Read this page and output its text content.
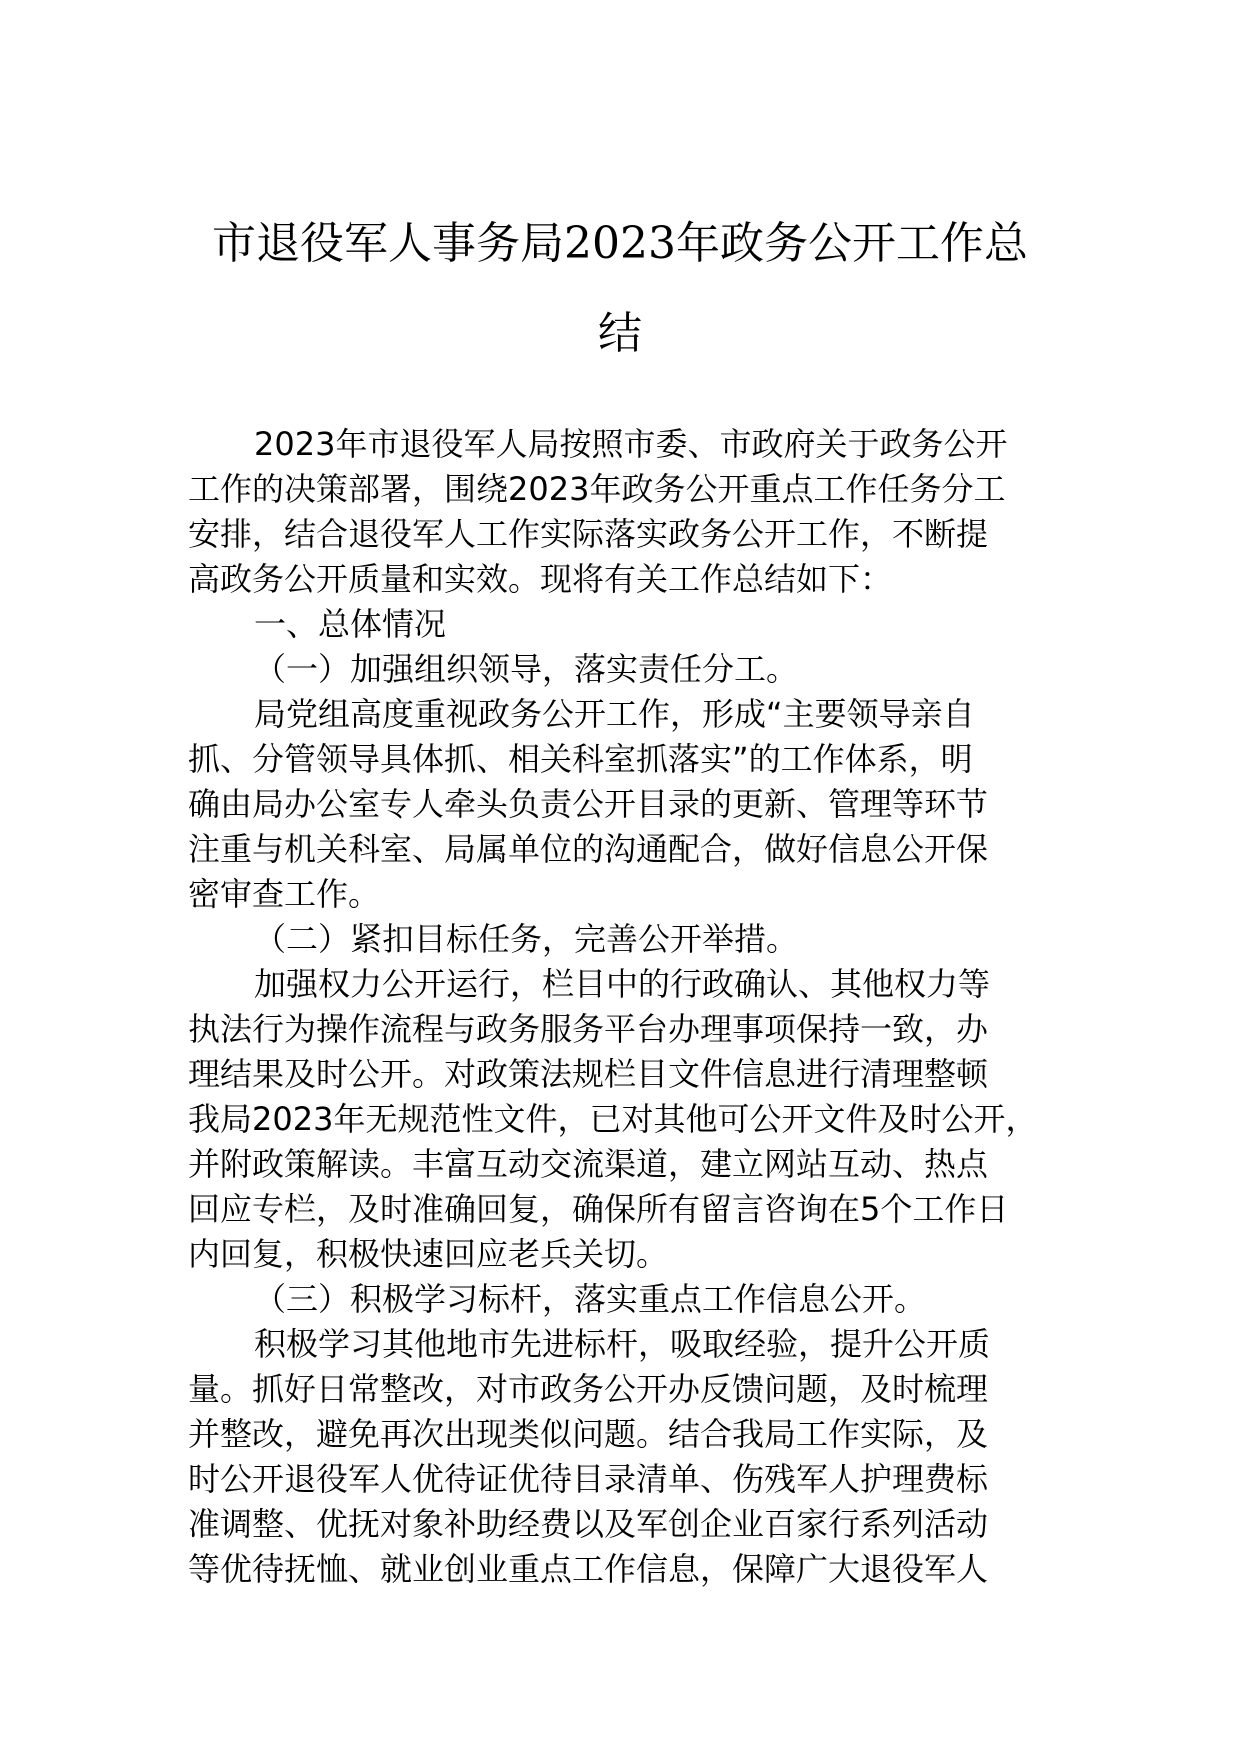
市退役军人事务局2023年政务公开工作总
结
2023年市退役军人局按照市委、市政府关于政务公开
工作的决策部署，围绕2023年政务公开重点工作任务分工
安排，结合退役军人工作实际落实政务公开工作，不断提
高政务公开质量和实效。现将有关工作总结如下：
一、总体情况
（一）加强组织领导，落实责任分工。
局党组高度重视政务公开工作，形成“主要领导亲自
抓、分管领导具体抓、相关科室抓落实”的工作体系，明
确由局办公室专人牵头负责公开目录的更新、管理等环节
注重与机关科室、局属单位的沟通配合，做好信息公开保
密审查工作。
（二）紧扣目标任务，完善公开举措。
加强权力公开运行，栏目中的行政确认、其他权力等
执法行为操作流程与政务服务平台办理事项保持一致，办
理结果及时公开。对政策法规栏目文件信息进行清理整顿
我局2023年无规范性文件，已对其他可公开文件及时公开，
并附政策解读。丰富互动交流渠道，建立网站互动、热点
回应专栏，及时准确回复，确保所有留言咨询在5个工作日
内回复，积极快速回应老兵关切。
（三）积极学习标杆，落实重点工作信息公开。
积极学习其他地市先进标杆，吸取经验，提升公开质
量。抓好日常整改，对市政务公开办反馈问题，及时梳理
并整改，避免再次出现类似问题。结合我局工作实际，及
时公开退役军人优待证优待目录清单、伤残军人护理费标
准调整、优抚对象补助经费以及军创企业百家行系列活动
等优待抚恤、就业创业重点工作信息，保障广大退役军人
